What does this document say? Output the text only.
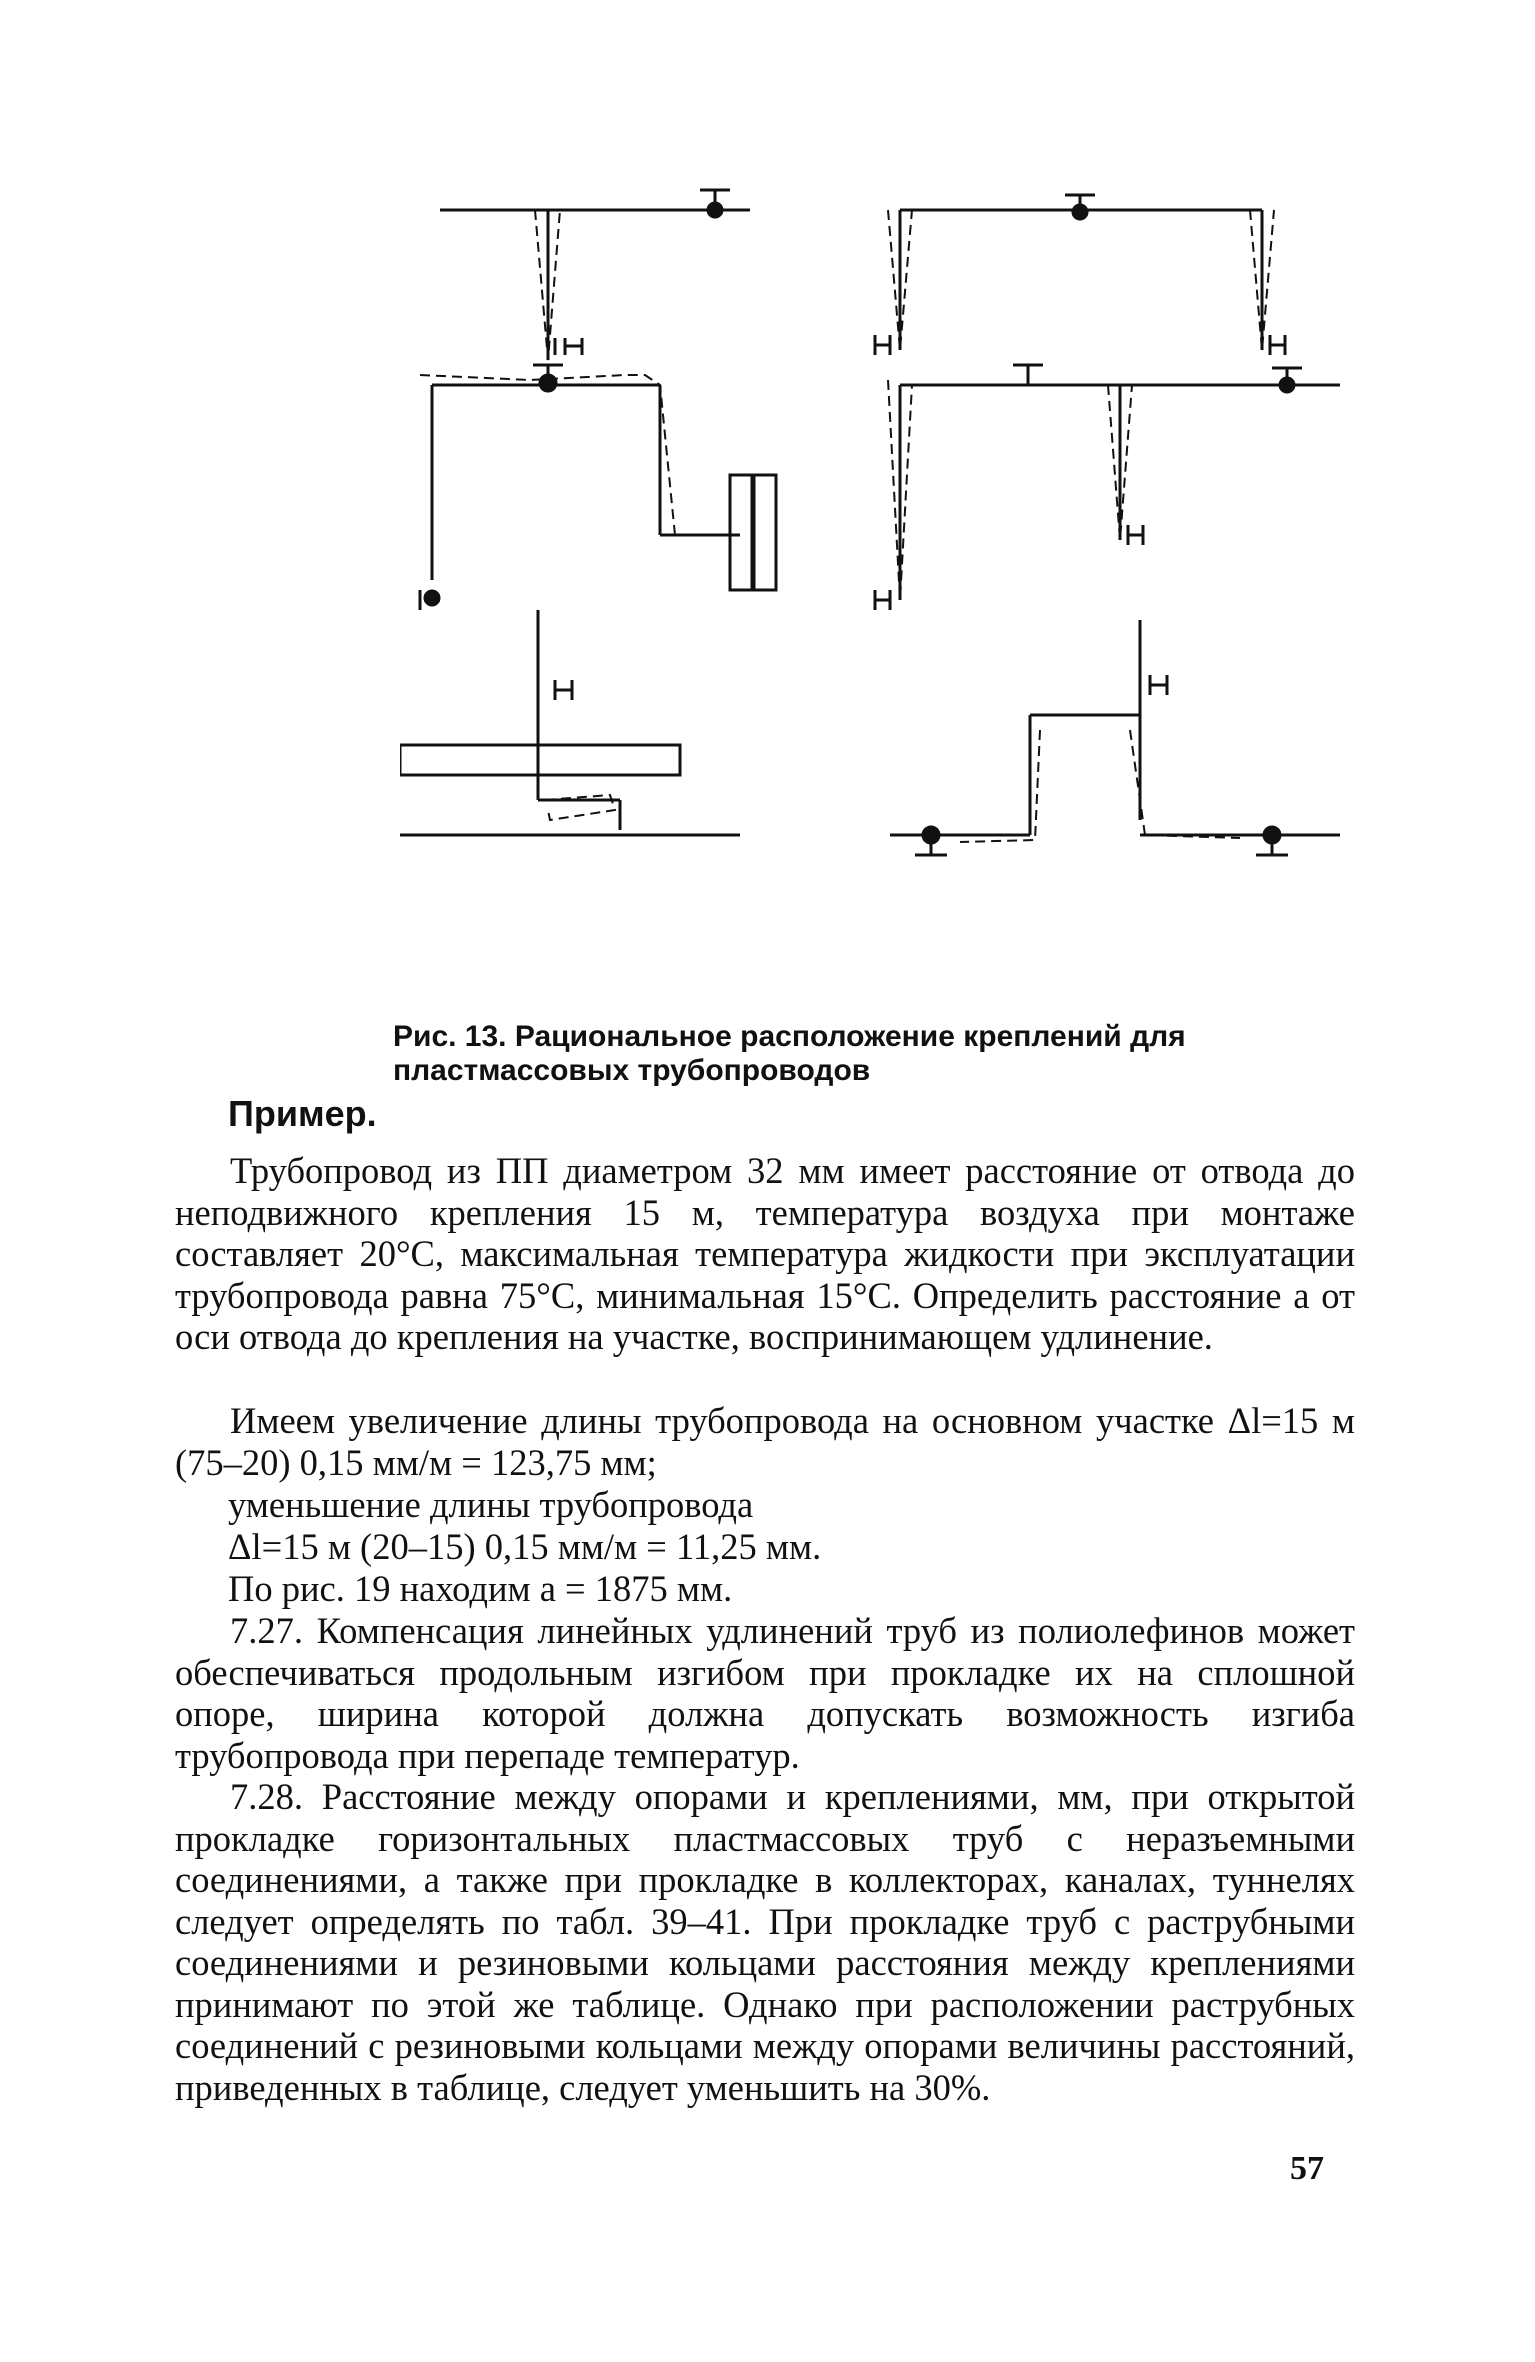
Рис. 13. Рациональное расположение креплений для пластмассовых трубопроводов
Пример.

Трубопровод из ПП диаметром 32 мм имеет расстояние от отвода до неподвижного крепления 15 м, температура воздуха при монтаже составляет 20°С, максимальная температура жидкости при эксплуатации трубопровода равна 75°С, минимальная 15°С. Определить расстояние а от оси отвода до крепления на участке, воспринимающем удлинение.

Имеем увеличение длины трубопровода на основном участке Δl=15 м (75–20) 0,15 мм/м = 123,75 мм;

уменьшение длины трубопровода
Δl=15 м (20–15) 0,15 мм/м = 11,25 мм.
По рис. 19 находим а = 1875 мм.

7.27. Компенсация линейных удлинений труб из полиолефинов может обеспечиваться продольным изгибом при прокладке их на сплошной опоре, ширина которой должна допускать возможность изгиба трубопровода при перепаде температур.

7.28. Расстояние между опорами и креплениями, мм, при открытой прокладке горизонтальных пластмассовых труб с неразъемными соединениями, а также при прокладке в коллекторах, каналах, туннелях следует определять по табл. 39–41. При прокладке труб с раструбными соединениями и резиновыми кольцами расстояния между креплениями принимают по этой же таблице. Однако при расположении раструбных соединений с резиновыми кольцами между опорами величины расстояний, приведенных в таблице, следует уменьшить на 30%.

57
